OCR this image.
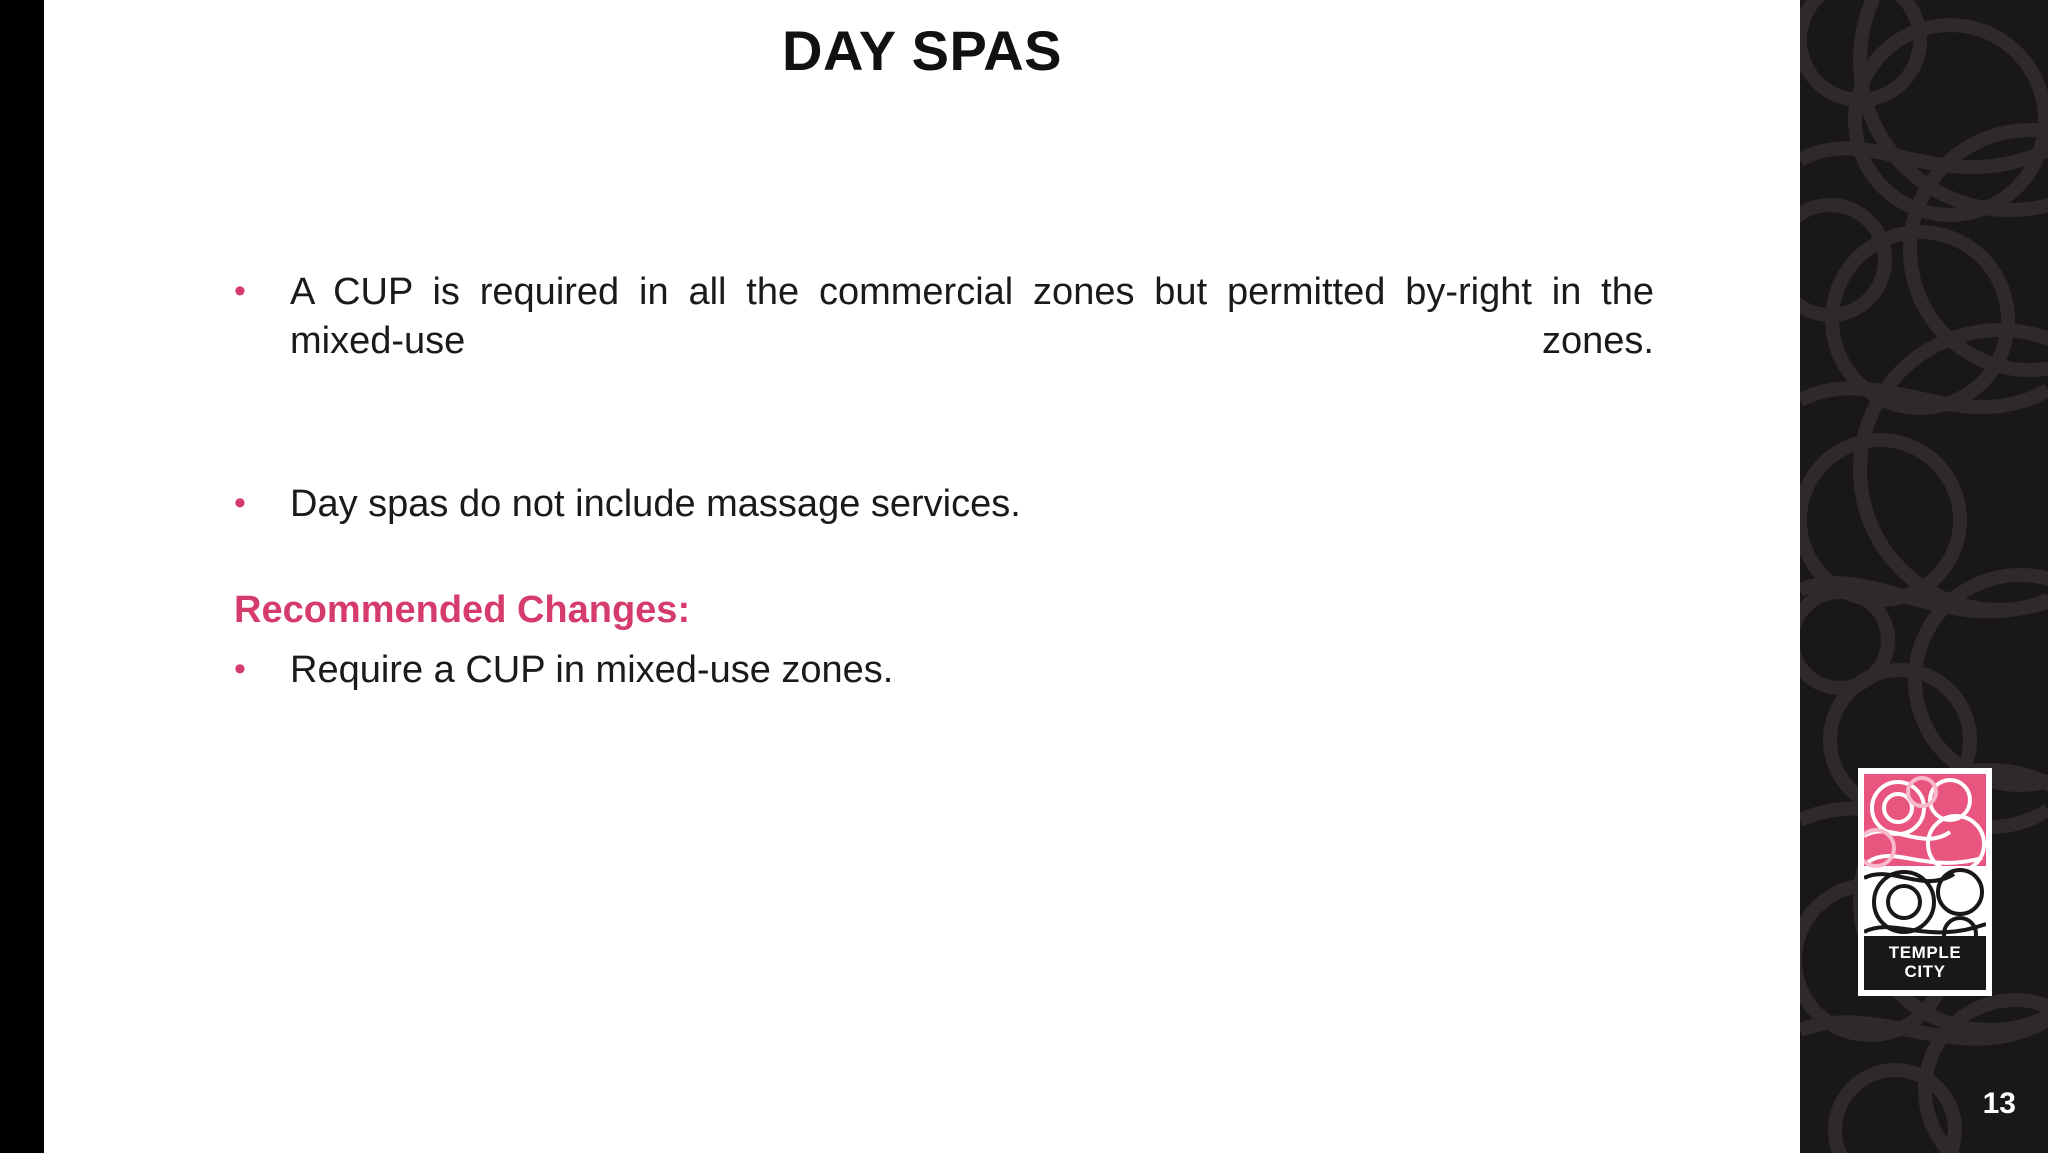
DAY SPAS
•	A CUP is required in all the commercial zones but permitted by-right in the mixed-use zones.
•	Day spas do not include massage services.
Recommended Changes:
•	Require a CUP in mixed-use zones.
TEMPLE
CITY
13
